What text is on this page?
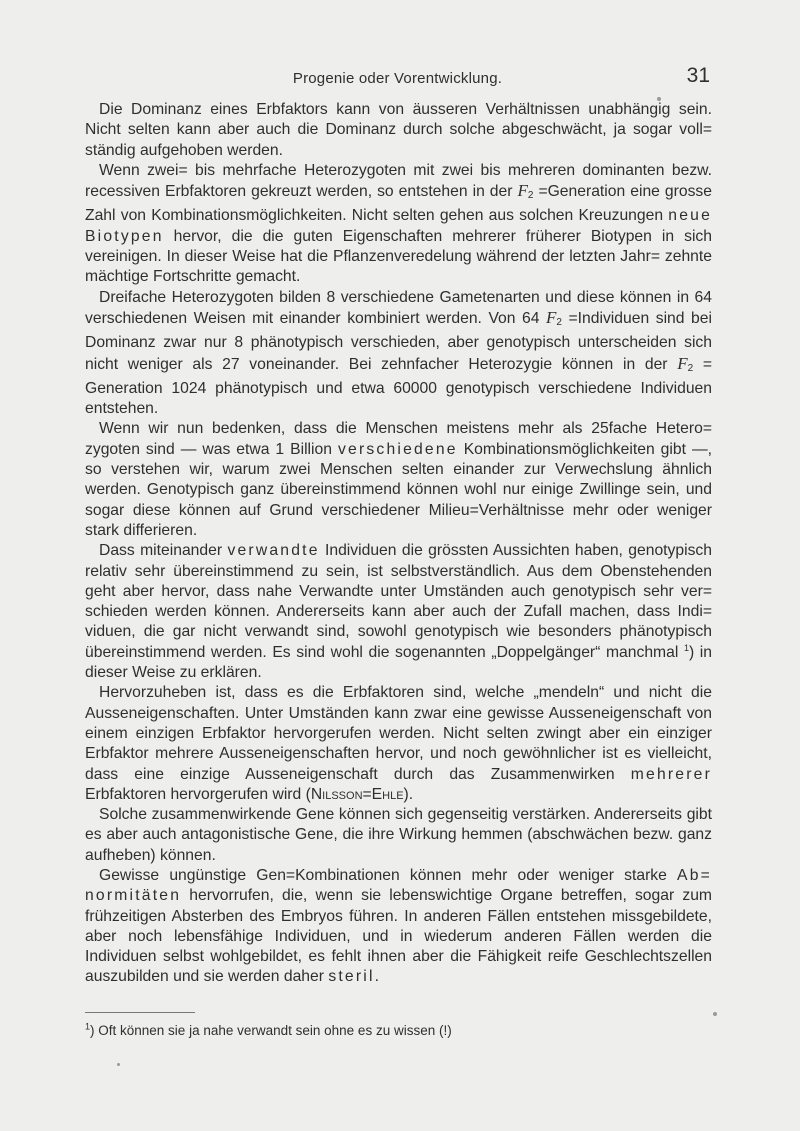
Progenie oder Vorentwicklung.	31

Die Dominanz eines Erbfaktors kann von äusseren Verhältnissen unabhängig sein. Nicht selten kann aber auch die Dominanz durch solche abgeschwächt, ja sogar voll= ständig aufgehoben werden.

Wenn zwei= bis mehrfache Heterozygoten mit zwei bis mehreren dominanten bezw. recessiven Erbfaktoren gekreuzt werden, so entstehen in der $F_2$ =Generation eine grosse Zahl von Kombinationsmöglichkeiten. Nicht selten gehen aus solchen Kreuzungen neue Biotypen hervor, die die guten Eigenschaften mehrerer früherer Biotypen in sich vereinigen. In dieser Weise hat die Pflanzenveredelung während der letzten Jahr= zehnte mächtige Fortschritte gemacht.

Dreifache Heterozygoten bilden 8 verschiedene Gametenarten und diese können in 64 verschiedenen Weisen mit einander kombiniert werden. Von 64 $F_2$ =Individuen sind bei Dominanz zwar nur 8 phänotypisch verschieden, aber genotypisch unterscheiden sich nicht weniger als 27 voneinander. Bei zehnfacher Heterozygie können in der $F_2$ = Generation 1024 phänotypisch und etwa 60000 genotypisch verschiedene Individuen entstehen.

Wenn wir nun bedenken, dass die Menschen meistens mehr als 25fache Hetero= zygoten sind — was etwa 1 Billion verschiedene Kombinationsmöglichkeiten gibt —, so verstehen wir, warum zwei Menschen selten einander zur Verwechslung ähnlich werden. Genotypisch ganz übereinstimmend können wohl nur einige Zwillinge sein, und sogar diese können auf Grund verschiedener Milieu=Verhältnisse mehr oder weniger stark differieren.

Dass miteinander verwandte Individuen die grössten Aussichten haben, genotypisch relativ sehr übereinstimmend zu sein, ist selbstverständlich. Aus dem Obenstehenden geht aber hervor, dass nahe Verwandte unter Umständen auch genotypisch sehr ver= schieden werden können. Andererseits kann aber auch der Zufall machen, dass Indi= viduen, die gar nicht verwandt sind, sowohl genotypisch wie besonders phänotypisch übereinstimmend werden. Es sind wohl die sogenannten „Doppelgänger“ manchmal $^1$) in dieser Weise zu erklären.

Hervorzuheben ist, dass es die Erbfaktoren sind, welche „mendeln“ und nicht die Ausseneigenschaften. Unter Umständen kann zwar eine gewisse Ausseneigenschaft von einem einzigen Erbfaktor hervorgerufen werden. Nicht selten zwingt aber ein einziger Erbfaktor mehrere Ausseneigenschaften hervor, und noch gewöhnlicher ist es vielleicht, dass eine einzige Ausseneigenschaft durch das Zusammenwirken mehrerer Erbfaktoren hervorgerufen wird (Nilsson=Ehle).

Solche zusammenwirkende Gene können sich gegenseitig verstärken. Andererseits gibt es aber auch antagonistische Gene, die ihre Wirkung hemmen (abschwächen bezw. ganz aufheben) können.

Gewisse ungünstige Gen=Kombinationen können mehr oder weniger starke Ab= normitäten hervorrufen, die, wenn sie lebenswichtige Organe betreffen, sogar zum frühzeitigen Absterben des Embryos führen. In anderen Fällen entstehen missgebildete, aber noch lebensfähige Individuen, und in wiederum anderen Fällen werden die Individuen selbst wohlgebildet, es fehlt ihnen aber die Fähigkeit reife Geschlechtszellen auszubilden und sie werden daher steril.

$^1$) Oft können sie ja nahe verwandt sein ohne es zu wissen (!)
